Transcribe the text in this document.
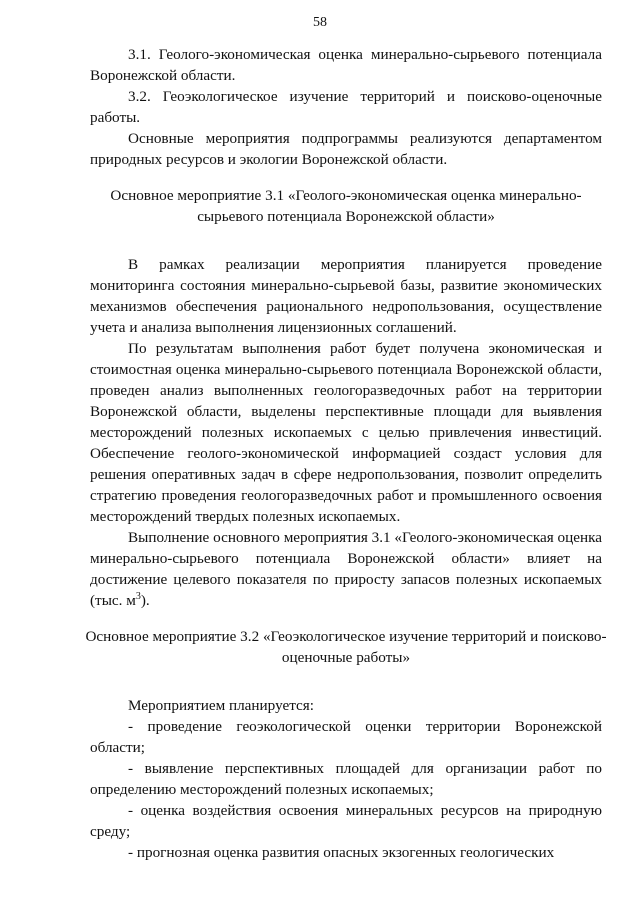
58

3.1. Геолого-экономическая оценка минерально-сырьевого потенциала Воронежской области.

3.2. Геоэкологическое изучение территорий и поисково-оценочные работы.

Основные мероприятия подпрограммы реализуются департаментом природных ресурсов и экологии Воронежской области.

Основное мероприятие 3.1 «Геолого-экономическая оценка минерально-сырьевого потенциала Воронежской области»

В рамках реализации мероприятия планируется проведение мониторинга состояния минерально-сырьевой базы, развитие экономических механизмов обеспечения рационального недропользования, осуществление учета и анализа выполнения лицензионных соглашений.

По результатам выполнения работ будет получена экономическая и стоимостная оценка минерально-сырьевого потенциала Воронежской области, проведен анализ выполненных геологоразведочных работ на территории Воронежской области, выделены перспективные площади для выявления месторождений полезных ископаемых с целью привлечения инвестиций. Обеспечение геолого-экономической информацией создаст условия для решения оперативных задач в сфере недропользования, позволит определить стратегию проведения геологоразведочных работ и промышленного освоения месторождений твердых полезных ископаемых.

Выполнение основного мероприятия 3.1 «Геолого-экономическая оценка минерально-сырьевого потенциала Воронежской области» влияет на достижение целевого показателя по приросту запасов полезных ископаемых (тыс. $м^3$).

Основное мероприятие 3.2 «Геоэкологическое изучение территорий и поисково-оценочные работы»

Мероприятием планируется:

- проведение геоэкологической оценки территории Воронежской области;

- выявление перспективных площадей для организации работ по определению месторождений полезных ископаемых;

- оценка воздействия освоения минеральных ресурсов на природную среду;

- прогнозная оценка развития опасных экзогенных геологических
